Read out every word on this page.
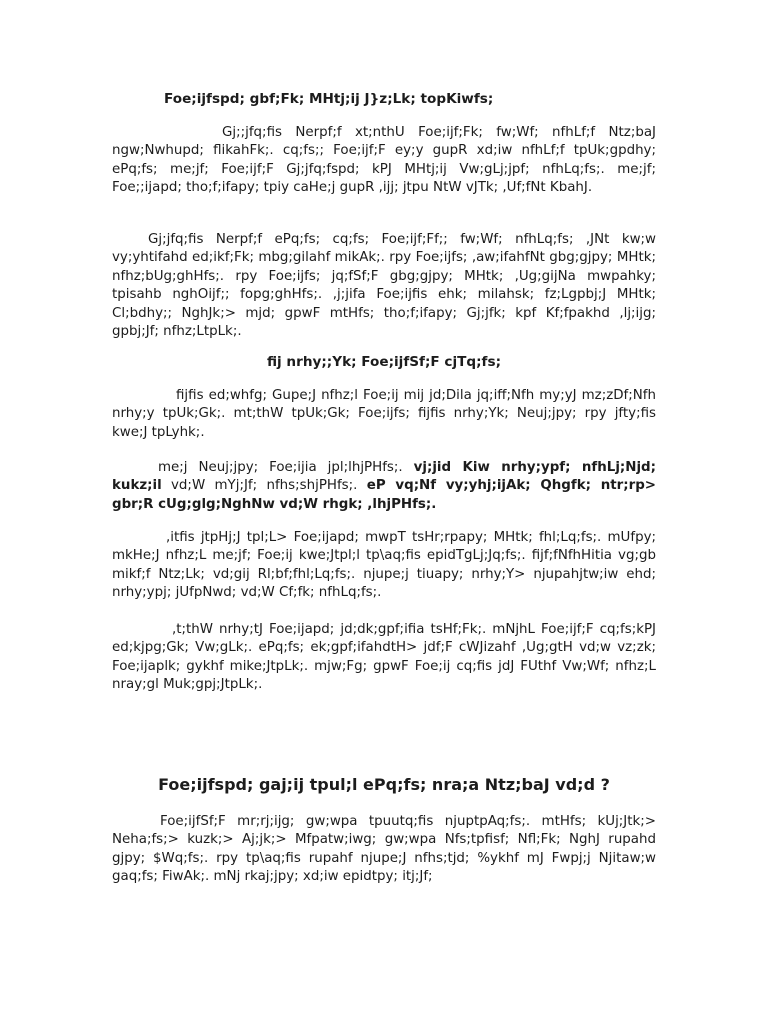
Foe;ijfspd; gbf;Fk; MHtj;ij J}z;Lk; topKiwfs;

Gj;;jfq;fis Nerpf;f xt;nthU Foe;ijf;Fk; fw;Wf; nfhLf;f Ntz;baJ ngw;Nwhupd; flikahFk;. cq;fs;; Foe;ijf;F ey;y gupR xd;iw nfhLf;f tpUk;gpdhy; ePq;fs; me;jf; Foe;ijf;F Gj;jfq;fspd; kPJ MHtj;ij Vw;gLj;jpf; nfhLq;fs;. me;jf; Foe;;ijapd; tho;f;ifapy; tpiy caHe;j gupR ,ijj; jtpu NtW vJTk; ,Uf;fNt KbahJ.

Gj;jfq;fis Nerpf;f ePq;fs; cq;fs; Foe;ijf;Ff;; fw;Wf; nfhLq;fs; ,JNt kw;w vy;yhtifahd ed;ikf;Fk; mbg;gilahf mikAk;. rpy Foe;ijfs; ,aw;ifahfNt gbg;gjpy; MHtk; nfhz;bUg;ghHfs;. rpy Foe;ijfs; jq;fSf;F gbg;gjpy; MHtk; ,Ug;gijNa mwpahky; tpisahb nghOijf;; fopg;ghHfs;. ,j;jifa Foe;ijfis ehk; milahsk; fz;Lgpbj;J MHtk; Cl;bdhy;; NghJk;> mjd; gpwF mtHfs; tho;f;ifapy; Gj;jfk; kpf Kf;fpakhd ,lj;ijg; gpbj;Jf; nfhz;LtpLk;.

fij nrhy;;Yk; Foe;ijfSf;F cjTq;fs;

fijfis ed;whfg; Gupe;J nfhz;l Foe;ij mij jd;Dila jq;iff;Nfh my;yJ mz;zDf;Nfh nrhy;y tpUk;Gk;. mt;thW tpUk;Gk; Foe;ijfs; fijfis nrhy;Yk; Neuj;jpy; rpy jfty;fis kwe;J tpLyhk;.

me;j Neuj;jpy; Foe;ijia jpl;lhjPHfs;. vj;jid Kiw nrhy;ypf; nfhLj;Njd; kukz;il vd;W mYj;Jf; nfhs;shjPHfs;. eP vq;Nf vy;yhj;ijAk; Qhgfk; ntr;rp> gbr;R cUg;glg;NghNw vd;W rhgk; ,lhjPHfs;.

,itfis jtpHj;J tpl;L> Foe;ijapd; mwpT tsHr;rpapy; MHtk; fhl;Lq;fs;. mUfpy; mkHe;J nfhz;L me;jf; Foe;ij kwe;Jtpl;l tp\aq;fis epidTgLj;Jq;fs;. fijf;fNfhHitia vg;gb mikf;f Ntz;Lk; vd;gij Rl;bf;fhl;Lq;fs;. njupe;j tiuapy; nrhy;Y> njupahjtw;iw ehd; nrhy;ypj; jUfpNwd; vd;W Cf;fk; nfhLq;fs;.

,t;thW nrhy;tJ Foe;ijapd; jd;dk;gpf;ifia tsHf;Fk;. mNjhL Foe;ijf;F cq;fs;kPJ ed;kjpg;Gk; Vw;gLk;. ePq;fs; ek;gpf;ifahdtH> jdf;F cWJizahf ,Ug;gtH vd;w vz;zk; Foe;ijaplk; gykhf mike;JtpLk;. mjw;Fg; gpwF Foe;ij cq;fis jdJ FUthf Vw;Wf; nfhz;L nray;gl Muk;gpj;JtpLk;.

Foe;ijfspd; gaj;ij tpul;l ePq;fs; nra;a Ntz;baJ vd;d ?

Foe;ijfSf;F mr;rj;ijg; gw;wpa tpuutq;fis njuptpAq;fs;. mtHfs; kUj;Jtk;> Neha;fs;> kuzk;> Aj;jk;> Mfpatw;iwg; gw;wpa Nfs;tpfisf; Nfl;Fk; NghJ rupahd gjpy; $Wq;fs;. rpy tp\aq;fis rupahf njupe;J nfhs;tjd; %ykhf mJ Fwpj;j Njitaw;w gaq;fs; FiwAk;. mNj rkaj;jpy; xd;iw epidtpy; itj;Jf;
